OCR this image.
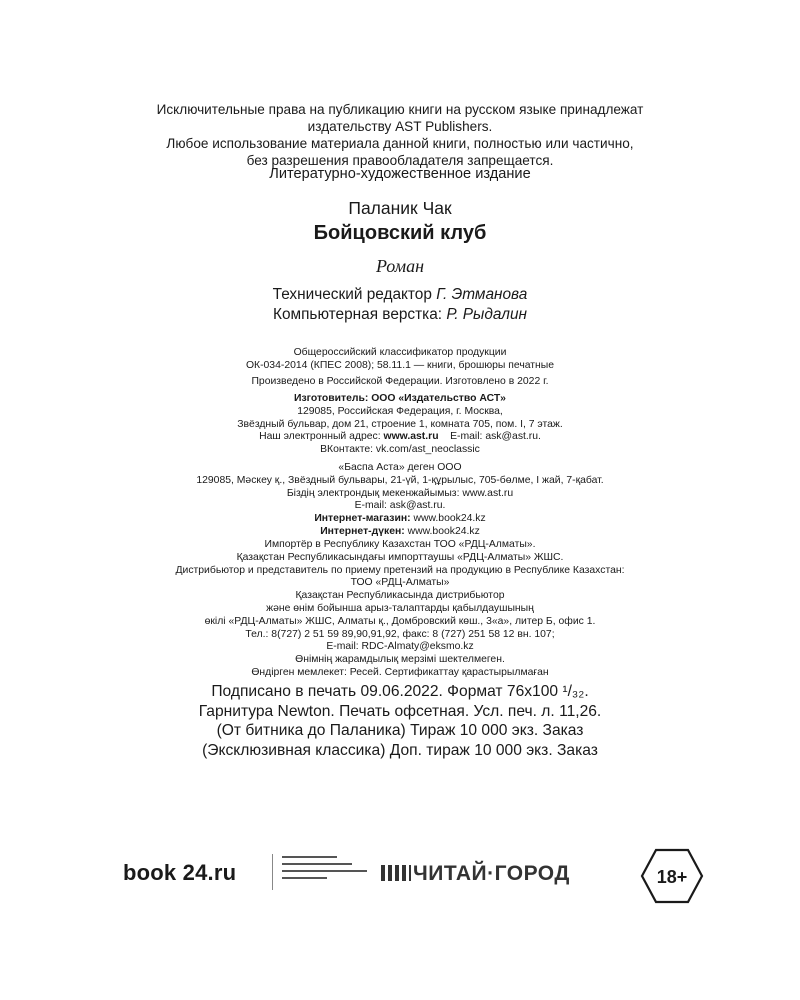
Исключительные права на публикацию книги на русском языке принадлежат
издательству AST Publishers.
Любое использование материала данной книги, полностью или частично,
без разрешения правообладателя запрещается.
Литературно-художественное издание
Паланик Чак
Бойцовский клуб
Роман
Технический редактор Г. Этманова
Компьютерная верстка: Р. Рыдалин
Общероссийский классификатор продукции
ОК-034-2014 (КПЕС 2008); 58.11.1 — книги, брошюры печатные
Произведено в Российской Федерации. Изготовлено в 2022 г.
Изготовитель: ООО «Издательство АСТ»
129085, Российская Федерация, г. Москва,
Звёздный бульвар, дом 21, строение 1, комната 705, пом. I, 7 этаж.
Наш электронный адрес: www.ast.ru E-mail: ask@ast.ru.
ВКонтакте: vk.com/ast_neoclassic
«Баспа Аста» деген ООО
129085, Мәскеу қ., Звёздный бульвары, 21-үй, 1-құрылыс, 705-бөлме, I жай, 7-қабат.
Біздің электрондық мекенжайымыз: www.ast.ru
E-mail: ask@ast.ru.
Интернет-магазин: www.book24.kz
Интернет-дүкен: www.book24.kz
Импортёр в Республику Казахстан ТОО «РДЦ-Алматы».
Қазақстан Республикасындағы импорттаушы «РДЦ-Алматы» ЖШС.
Дистрибьютор и представитель по приему претензий на продукцию в Республике Казахстан:
ТОО «РДЦ-Алматы»
Қазақстан Республикасында дистрибьютор
және өнім бойынша арыз-талаптарды қабылдаушының
өкілі «РДЦ-Алматы» ЖШС, Алматы қ., Домбровский көш., 3«а», литер Б, офис 1.
Тел.: 8(727) 2 51 59 89,90,91,92, факс: 8 (727) 251 58 12 вн. 107;
E-mail: RDC-Almaty@eksmo.kz
Өнімнің жарамдылық мерзімі шектелмеген.
Өндірген мемлекет: Ресей. Сертификаттау қарастырылмаған
Подписано в печать 09.06.2022. Формат 76x100 ¹/₃₂.
Гарнитура Newton. Печать офсетная. Усл. печ. л. 11,26.
(От битника до Паланика) Тираж 10 000 экз. Заказ
(Эксклюзивная классика) Доп. тираж 10 000 экз. Заказ
book 24.ru	ЧИТАЙ·ГОРОД	18+
